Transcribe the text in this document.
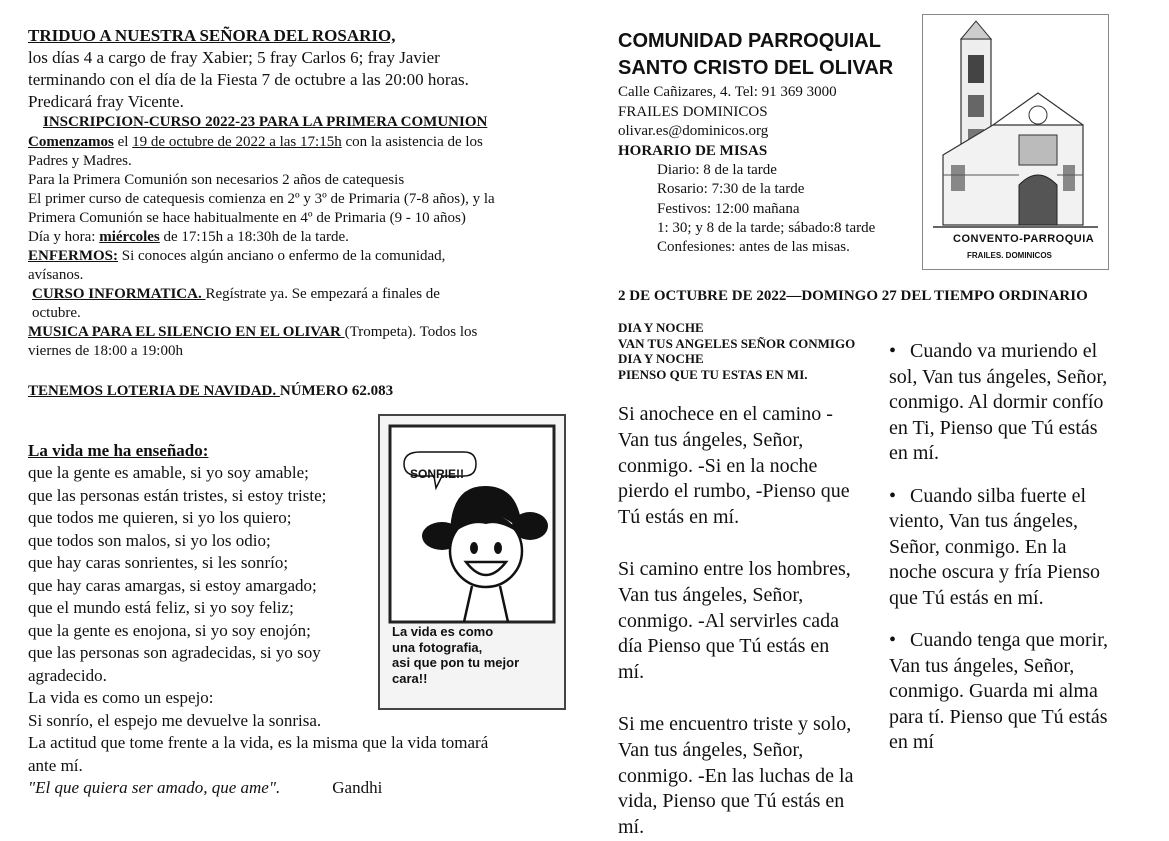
TRIDUO A NUESTRA SEÑORA DEL ROSARIO,
los días 4 a cargo de fray Xabier; 5 fray Carlos 6; fray Javier
terminando con el día de la Fiesta 7 de octubre a las 20:00 horas.
Predicará fray Vicente.
INSCRIPCION-CURSO 2022-23 PARA LA PRIMERA COMUNION
Comenzamos el 19 de octubre de 2022 a las 17:15h con la asistencia de los
Padres y Madres.
Para la Primera Comunión son necesarios 2 años de catequesis
El primer curso de catequesis comienza en 2º y 3º de Primaria (7-8 años), y la
Primera Comunión se hace habitualmente en 4º de Primaria (9 - 10 años)
Día y hora: miércoles de 17:15h a 18:30h de la tarde.
ENFERMOS: Si conoces algún anciano o enfermo de la comunidad,
avísanos.
CURSO INFORMATICA. Regístrate ya. Se empezará a finales de
octubre.
MUSICA PARA EL SILENCIO EN EL OLIVAR (Trompeta). Todos los
viernes de 18:00 a 19:00h
TENEMOS LOTERIA DE NAVIDAD. NÚMERO 62.083
La vida me ha enseñado:
que la gente es amable, si yo soy amable;
que las personas están tristes, si estoy triste;
que todos me quieren, si yo los quiero;
que todos son malos, si yo los odio;
que hay caras sonrientes, si les sonrío;
que hay caras amargas, si estoy amargado;
que el mundo está feliz, si yo soy feliz;
que la gente es enojona, si yo soy enojón;
que las personas son agradecidas, si yo soy
agradecido.
La vida es como un espejo:
Si sonrío, el espejo me devuelve la sonrisa.
La actitud que tome frente a la vida, es la misma que la vida tomará
ante mí.
"El que quiera ser amado, que ame".	Gandhi
SONRIE!!
La vida es como
una fotografia,
asi que pon tu mejor
cara!!
COMUNIDAD PARROQUIAL
SANTO CRISTO DEL OLIVAR
Calle Cañizares, 4. Tel: 91 369 3000
FRAILES DOMINICOS
olivar.es@dominicos.org
HORARIO DE MISAS
Diario: 8 de la tarde
Rosario: 7:30 de la tarde
Festivos: 12:00 mañana
1: 30; y 8 de la tarde; sábado:8 tarde
Confesiones: antes de las misas.
CONVENTO-PARROQUIA
FRAILES. DOMINICOS
2 DE OCTUBRE DE 2022—DOMINGO 27 DEL TIEMPO ORDINARIO
DIA Y NOCHE
VAN TUS ANGELES SEÑOR CONMIGO
DIA Y NOCHE
PIENSO QUE TU ESTAS EN MI.
Si anochece en el camino -
Van tus ángeles, Señor,
conmigo. -Si en la noche
pierdo el rumbo, -Pienso que
Tú estás en mí.
Si camino entre los hombres,
Van tus ángeles, Señor,
conmigo. -Al servirles cada
día Pienso que Tú estás en
mí.
Si me encuentro triste y solo,
Van tus ángeles, Señor,
conmigo. -En las luchas de la
vida, Pienso que Tú estás en
mí.
• Cuando va muriendo el
sol, Van tus ángeles, Señor,
conmigo. Al dormir confío
en Ti, Pienso que Tú estás
en mí.
• Cuando silba fuerte el
viento, Van tus ángeles,
Señor, conmigo. En la
noche oscura y fría Pienso
que Tú estás en mí.
• Cuando tenga que morir,
Van tus ángeles, Señor,
conmigo. Guarda mi alma
para tí. Pienso que Tú estás
en mí
